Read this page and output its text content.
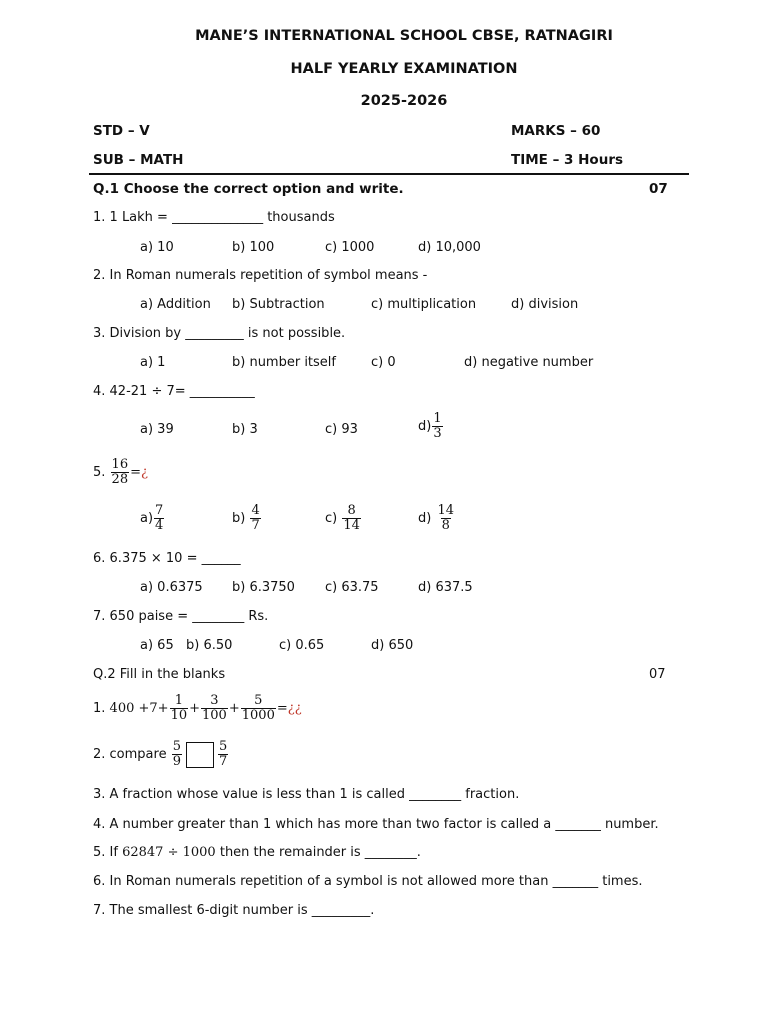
MANE’S INTERNATIONAL SCHOOL CBSE, RATNAGIRI
HALF YEARLY EXAMINATION
2025-2026
STD – V	MARKS – 60
SUB – MATH	TIME – 3 Hours
Q.1 Choose the correct option and write.	07
1. 1 Lakh = ______________ thousands
a) 10	b) 100	c) 1000	d) 10,000
2. In Roman numerals repetition of symbol means -
a) Addition b) Subtraction	c) multiplication	d) division
3. Division by _________ is not possible.
a) 1	b) number itself	c) 0	d) negative number
4. 42-21 ÷ 7= __________
a) 39	b) 3	c) 93	$d) \frac{1}{3}$
5.
$\frac{16}{28}$ = ¿
$a) \frac{7}{4}$	b)
$\frac{4}{7}$	c)
$\frac{8}{14}$	d)
$\frac{14}{8}$
6. 6.375 × 10 = ______
a) 0.6375 b) 6.3750 c) 63.75	d) 637.5
7. 650 paise = ________ Rs.
a) 65 b) 6.50	c) 0.65	d) 650
Q.2 Fill in the blanks	07
1.
$400 +7+ \frac{1}{10} + \frac{3}{100} + \frac{5}{1000}$ = ¿¿
2. compare
$\frac{5}{9}$	$\frac{5}{7}$
3. A fraction whose value is less than 1 is called ________ fraction.
4. A number greater than 1 which has more than two factor is called a _______ number.
5. If 62847 ÷ 1000 then the remainder is ________.
6. In Roman numerals repetition of a symbol is not allowed more than _______ times.
7. The smallest 6-digit number is _________.
